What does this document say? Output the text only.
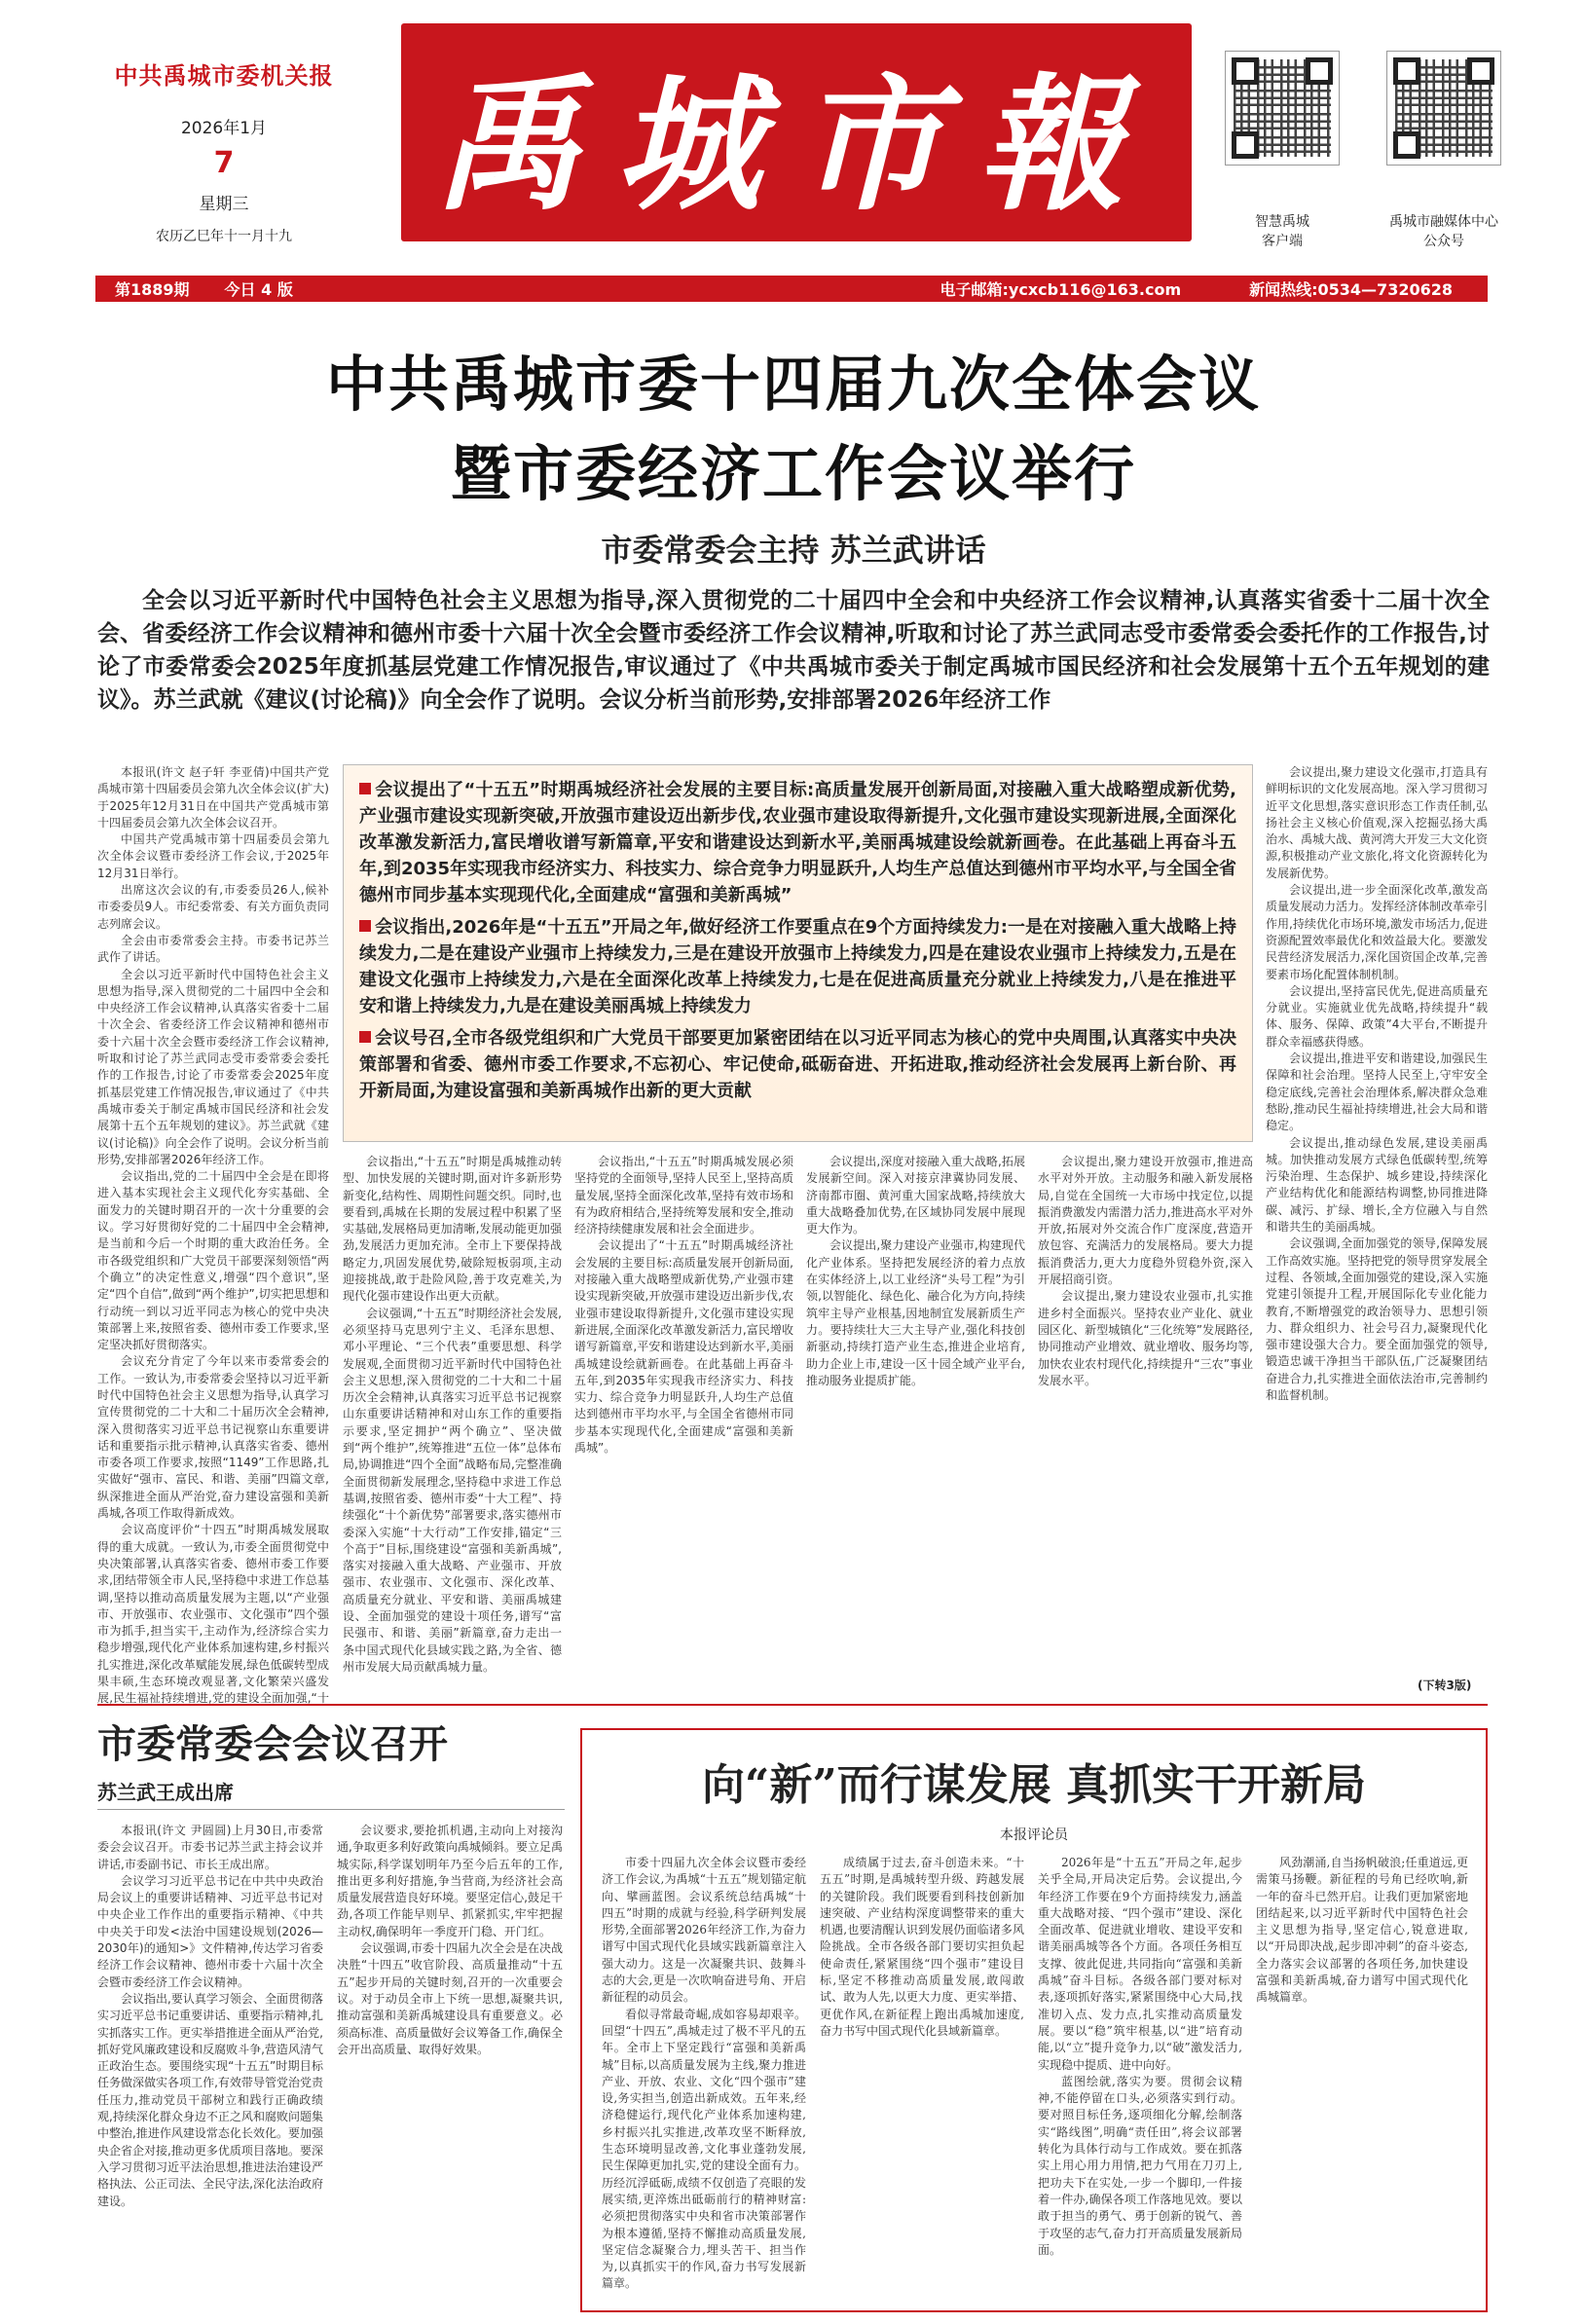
中共禹城市委机关报
2026年1月
7
星期三
农历乙巳年十一月十九
禹城市報	智慧禹城
客户端
禹城市融媒体中心
公众号
第1889期 今日 4 版	电子邮箱:ycxcb116@163.com	新闻热线:0534—7320628
中共禹城市委十四届九次全体会议
暨市委经济工作会议举行
市委常委会主持 苏兰武讲话
全会以习近平新时代中国特色社会主义思想为指导,深入贯彻党的二十届四中全会和中央经济工作会议精神,认真落实省委十二届十次全会、省委经济工作会议精神和德州市委十六届十次全会暨市委经济工作会议精神,听取和讨论了苏兰武同志受市委常委会委托作的工作报告,讨论了市委常委会2025年度抓基层党建工作情况报告,审议通过了《中共禹城市委关于制定禹城市国民经济和社会发展第十五个五年规划的建议》。苏兰武就《建议(讨论稿)》向全会作了说明。会议分析当前形势,安排部署2026年经济工作

本报讯(许文 赵子轩 李亚倩)中国共产党禹城市第十四届委员会第九次全体会议(扩大)于2025年12月31日在中国共产党禹城市第十四届委员会第九次全体会议召开。

中国共产党禹城市第十四届委员会第九次全体会议暨市委经济工作会议,于2025年12月31日举行。

出席这次会议的有,市委委员26人,候补市委委员9人。市纪委常委、有关方面负责同志列席会议。

全会由市委常委会主持。市委书记苏兰武作了讲话。

全会以习近平新时代中国特色社会主义思想为指导,深入贯彻党的二十届四中全会和中央经济工作会议精神,认真落实省委十二届十次全会、省委经济工作会议精神和德州市委十六届十次全会暨市委经济工作会议精神,听取和讨论了苏兰武同志受市委常委会委托作的工作报告,讨论了市委常委会2025年度抓基层党建工作情况报告,审议通过了《中共禹城市委关于制定禹城市国民经济和社会发展第十五个五年规划的建议》。苏兰武就《建议(讨论稿)》向全会作了说明。会议分析当前形势,安排部署2026年经济工作。

会议指出,党的二十届四中全会是在即将进入基本实现社会主义现代化夯实基础、全面发力的关键时期召开的一次十分重要的会议。学习好贯彻好党的二十届四中全会精神,是当前和今后一个时期的重大政治任务。全市各级党组织和广大党员干部要深刻领悟“两个确立”的决定性意义,增强“四个意识”,坚定“四个自信”,做到“两个维护”,切实把思想和行动统一到以习近平同志为核心的党中央决策部署上来,按照省委、德州市委工作要求,坚定坚决抓好贯彻落实。

会议充分肯定了今年以来市委常委会的工作。一致认为,市委常委会坚持以习近平新时代中国特色社会主义思想为指导,认真学习宣传贯彻党的二十大和二十届历次全会精神,深入贯彻落实习近平总书记视察山东重要讲话和重要指示批示精神,认真落实省委、德州市委各项工作要求,按照“1149”工作思路,扎实做好“强市、富民、和谐、美丽”四篇文章,纵深推进全面从严治党,奋力建设富强和美新禹城,各项工作取得新成效。

会议高度评价“十四五”时期禹城发展取得的重大成就。一致认为,市委全面贯彻党中央决策部署,认真落实省委、德州市委工作要求,团结带领全市人民,坚持稳中求进工作总基调,坚持以推动高质量发展为主题,以“产业强市、开放强市、农业强市、文化强市”四个强市为抓手,担当实干,主动作为,经济综合实力稳步增强,现代化产业体系加速构建,乡村振兴扎实推进,深化改革赋能发展,绿色低碳转型成果丰硕,生态环境改观显著,文化繁荣兴盛发展,民生福祉持续增进,党的建设全面加强,“十

会议提出了“十五五”时期禹城经济社会发展的主要目标:高质量发展开创新局面,对接融入重大战略塑成新优势,产业强市建设实现新突破,开放强市建设迈出新步伐,农业强市建设取得新提升,文化强市建设实现新进展,全面深化改革激发新活力,富民增收谱写新篇章,平安和谐建设达到新水平,美丽禹城建设绘就新画卷。在此基础上再奋斗五年,到2035年实现我市经济实力、科技实力、综合竞争力明显跃升,人均生产总值达到德州市平均水平,与全国全省德州市同步基本实现现代化,全面建成“富强和美新禹城”

会议指出,2026年是“十五五”开局之年,做好经济工作要重点在9个方面持续发力:一是在对接融入重大战略上持续发力,二是在建设产业强市上持续发力,三是在建设开放强市上持续发力,四是在建设农业强市上持续发力,五是在建设文化强市上持续发力,六是在全面深化改革上持续发力,七是在促进高质量充分就业上持续发力,八是在推进平安和谐上持续发力,九是在建设美丽禹城上持续发力

会议号召,全市各级党组织和广大党员干部要更加紧密团结在以习近平同志为核心的党中央周围,认真落实中央决策部署和省委、德州市委工作要求,不忘初心、牢记使命,砥砺奋进、开拓进取,推动经济社会发展再上新台阶、再开新局面,为建设富强和美新禹城作出新的更大贡献

会议指出,“十五五”时期是禹城推动转型、加快发展的关键时期,面对许多新形势新变化,结构性、周期性问题交织。同时,也要看到,禹城在长期的发展过程中积累了坚实基础,发展格局更加清晰,发展动能更加强劲,发展活力更加充沛。全市上下要保持战略定力,巩固发展优势,破除短板弱项,主动迎接挑战,敢于赴险风险,善于攻克难关,为现代化强市建设作出更大贡献。

会议强调,“十五五”时期经济社会发展,必须坚持马克思列宁主义、毛泽东思想、邓小平理论、“三个代表”重要思想、科学发展观,全面贯彻习近平新时代中国特色社会主义思想,深入贯彻党的二十大和二十届历次全会精神,认真落实习近平总书记视察山东重要讲话精神和对山东工作的重要指示要求,坚定拥护“两个确立”、坚决做到“两个维护”,统筹推进“五位一体”总体布局,协调推进“四个全面”战略布局,完整准确全面贯彻新发展理念,坚持稳中求进工作总基调,按照省委、德州市委“十大工程”、持续强化“十个新优势”部署要求,落实德州市委深入实施“十大行动”工作安排,锚定“三个高于”目标,围绕建设“富强和美新禹城”,落实对接融入重大战略、产业强市、开放强市、农业强市、文化强市、深化改革、高质量充分就业、平安和谐、美丽禹城建设、全面加强党的建设十项任务,谱写“富民强市、和谐、美丽”新篇章,奋力走出一条中国式现代化县域实践之路,为全省、德州市发展大局贡献禹城力量。

会议指出,“十五五”时期禹城发展必须坚持党的全面领导,坚持人民至上,坚持高质量发展,坚持全面深化改革,坚持有效市场和有为政府相结合,坚持统筹发展和安全,推动经济持续健康发展和社会全面进步。

会议提出了“十五五”时期禹城经济社会发展的主要目标:高质量发展开创新局面,对接融入重大战略塑成新优势,产业强市建设实现新突破,开放强市建设迈出新步伐,农业强市建设取得新提升,文化强市建设实现新进展,全面深化改革激发新活力,富民增收谱写新篇章,平安和谐建设达到新水平,美丽禹城建设绘就新画卷。在此基础上再奋斗五年,到2035年实现我市经济实力、科技实力、综合竞争力明显跃升,人均生产总值达到德州市平均水平,与全国全省德州市同步基本实现现代化,全面建成“富强和美新禹城”。

会议提出,深度对接融入重大战略,拓展发展新空间。深入对接京津冀协同发展、济南都市圈、黄河重大国家战略,持续放大重大战略叠加优势,在区域协同发展中展现更大作为。

会议提出,聚力建设产业强市,构建现代化产业体系。坚持把发展经济的着力点放在实体经济上,以工业经济“头号工程”为引领,以智能化、绿色化、融合化为方向,持续筑牢主导产业根基,因地制宜发展新质生产力。要持续壮大三大主导产业,强化科技创新驱动,持续打造产业生态,推进企业培育,助力企业上市,建设一区十园全域产业平台,推动服务业提质扩能。

会议提出,聚力建设开放强市,推进高水平对外开放。主动服务和融入新发展格局,自觉在全国统一大市场中找定位,以提振消费激发内需潜力活力,推进高水平对外开放,拓展对外交流合作广度深度,营造开放包容、充满活力的发展格局。要大力提振消费活力,更大力度稳外贸稳外资,深入开展招商引资。

会议提出,聚力建设农业强市,扎实推进乡村全面振兴。坚持农业产业化、就业园区化、新型城镇化“三化统筹”发展路径,协同推动产业增效、就业增收、服务均等,加快农业农村现代化,持续提升“三农”事业发展水平。

会议提出,聚力建设文化强市,打造具有鲜明标识的文化发展高地。深入学习贯彻习近平文化思想,落实意识形态工作责任制,弘扬社会主义核心价值观,深入挖掘弘扬大禹治水、禹城大战、黄河湾大开发三大文化资源,积极推动产业文旅化,将文化资源转化为发展新优势。

会议提出,进一步全面深化改革,激发高质量发展动力活力。发挥经济体制改革牵引作用,持续优化市场环境,激发市场活力,促进资源配置效率最优化和效益最大化。要激发民营经济发展活力,深化国资国企改革,完善要素市场化配置体制机制。

会议提出,坚持富民优先,促进高质量充分就业。实施就业优先战略,持续提升“载体、服务、保障、政策”4大平台,不断提升群众幸福感获得感。

会议提出,推进平安和谐建设,加强民生保障和社会治理。坚持人民至上,守牢安全稳定底线,完善社会治理体系,解决群众急难愁盼,推动民生福祉持续增进,社会大局和谐稳定。

会议提出,推动绿色发展,建设美丽禹城。加快推动发展方式绿色低碳转型,统筹污染治理、生态保护、城乡建设,持续深化产业结构优化和能源结构调整,协同推进降碳、减污、扩绿、增长,全方位融入与自然和谐共生的美丽禹城。

会议强调,全面加强党的领导,保障发展工作高效实施。坚持把党的领导贯穿发展全过程、各领域,全面加强党的建设,深入实施党建引领提升工程,开展国际化专业化能力教育,不断增强党的政治领导力、思想引领力、群众组织力、社会号召力,凝聚现代化强市建设强大合力。要全面加强党的领导,锻造忠诚干净担当干部队伍,广泛凝聚团结奋进合力,扎实推进全面依法治市,完善制约和监督机制。

(下转3版)
市委常委会会议召开
苏兰武王成出席

本报讯(许文 尹圆圆)上月30日,市委常委会会议召开。市委书记苏兰武主持会议并讲话,市委副书记、市长王成出席。

会议学习习近平总书记在中共中央政治局会议上的重要讲话精神、习近平总书记对中央企业工作作出的重要指示精神、《中共中央关于印发<法治中国建设规划(2026—2030年)的通知>》文件精神,传达学习省委经济工作会议精神、德州市委十六届十次全会暨市委经济工作会议精神。

会议指出,要认真学习领会、全面贯彻落实习近平总书记重要讲话、重要指示精神,扎实抓落实工作。更实举措推进全面从严治党,抓好党风廉政建设和反腐败斗争,营造风清气正政治生态。要围绕实现“十五五”时期目标任务做深做实各项工作,有效带导管党治党责任压力,推动党员干部树立和践行正确政绩观,持续深化群众身边不正之风和腐败问题集中整治,推进作风建设常态化长效化。要加强央企省企对接,推动更多优质项目落地。要深入学习贯彻习近平法治思想,推进法治建设严格执法、公正司法、全民守法,深化法治政府建设。

会议要求,要抢抓机遇,主动向上对接沟通,争取更多利好政策向禹城倾斜。要立足禹城实际,科学谋划明年乃至今后五年的工作,推出更多利好措施,争当营商,为经济社会高质量发展营造良好环境。要坚定信心,鼓足干劲,各项工作能早则早、抓紧抓实,牢牢把握主动权,确保明年一季度开门稳、开门红。

会议强调,市委十四届九次全会是在决战决胜“十四五”收官阶段、高质量推动“十五五”起步开局的关键时刻,召开的一次重要会议。对于动员全市上下统一思想,凝聚共识,推动富强和美新禹城建设具有重要意义。必须高标准、高质量做好会议筹备工作,确保全会开出高质量、取得好效果。

向“新”而行谋发展 真抓实干开新局
本报评论员

市委十四届九次全体会议暨市委经济工作会议,为禹城“十五五”规划锚定航向、擘画蓝图。会议系统总结禹城“十四五”时期的成就与经验,科学研判发展形势,全面部署2026年经济工作,为奋力谱写中国式现代化县域实践新篇章注入强大动力。这是一次凝聚共识、鼓舞斗志的大会,更是一次吹响奋进号角、开启新征程的动员会。

看似寻常最奇崛,成如容易却艰辛。回望“十四五”,禹城走过了极不平凡的五年。全市上下坚定践行“富强和美新禹城”目标,以高质量发展为主线,聚力推进产业、开放、农业、文化“四个强市”建设,务实担当,创造出新成效。五年来,经济稳健运行,现代化产业体系加速构建,乡村振兴扎实推进,改革攻坚不断释放,生态环境明显改善,文化事业蓬勃发展,民生保障更加扎实,党的建设全面有力。历经沉浮砥砺,成绩不仅创造了亮眼的发展实绩,更淬炼出砥砺前行的精神财富:必须把贯彻落实中央和省市决策部署作为根本遵循,坚持不懈推动高质量发展,坚定信念凝聚合力,埋头苦干、担当作为,以真抓实干的作风,奋力书写发展新篇章。

成绩属于过去,奋斗创造未来。“十五五”时期,是禹城转型升级、跨越发展的关键阶段。我们既要看到科技创新加速突破、产业结构深度调整带来的重大机遇,也要清醒认识到发展仍面临诸多风险挑战。全市各级各部门要切实担负起使命责任,紧紧围绕“四个强市”建设目标,坚定不移推动高质量发展,敢闯敢试、敢为人先,以更大力度、更实举措、更优作风,在新征程上跑出禹城加速度,奋力书写中国式现代化县域新篇章。

2026年是“十五五”开局之年,起步关乎全局,开局决定后势。会议提出,今年经济工作要在9个方面持续发力,涵盖重大战略对接、“四个强市”建设、深化全面改革、促进就业增收、建设平安和谐美丽禹城等各个方面。各项任务相互支撑、彼此促进,共同指向“富强和美新禹城”奋斗目标。各级各部门要对标对表,逐项抓好落实,紧紧围绕中心大局,找准切入点、发力点,扎实推动高质量发展。要以“稳”筑牢根基,以“进”培育动能,以“立”提升竞争力,以“破”激发活力,实现稳中提质、进中向好。

蓝图绘就,落实为要。贯彻会议精神,不能停留在口头,必须落实到行动。要对照目标任务,逐项细化分解,绘制落实“路线图”,明确“责任田”,将会议部署转化为具体行动与工作成效。要在抓落实上用心用力用情,把力气用在刀刃上,把功夫下在实处,一步一个脚印,一件接着一件办,确保各项工作落地见效。要以敢于担当的勇气、勇于创新的锐气、善于攻坚的志气,奋力打开高质量发展新局面。

风劲潮涌,自当扬帆破浪;任重道远,更需策马扬鞭。新征程的号角已经吹响,新一年的奋斗已然开启。让我们更加紧密地团结起来,以习近平新时代中国特色社会主义思想为指导,坚定信心,锐意进取,以“开局即决战,起步即冲刺”的奋斗姿态,全力落实会议部署的各项任务,加快建设富强和美新禹城,奋力谱写中国式现代化禹城篇章。
